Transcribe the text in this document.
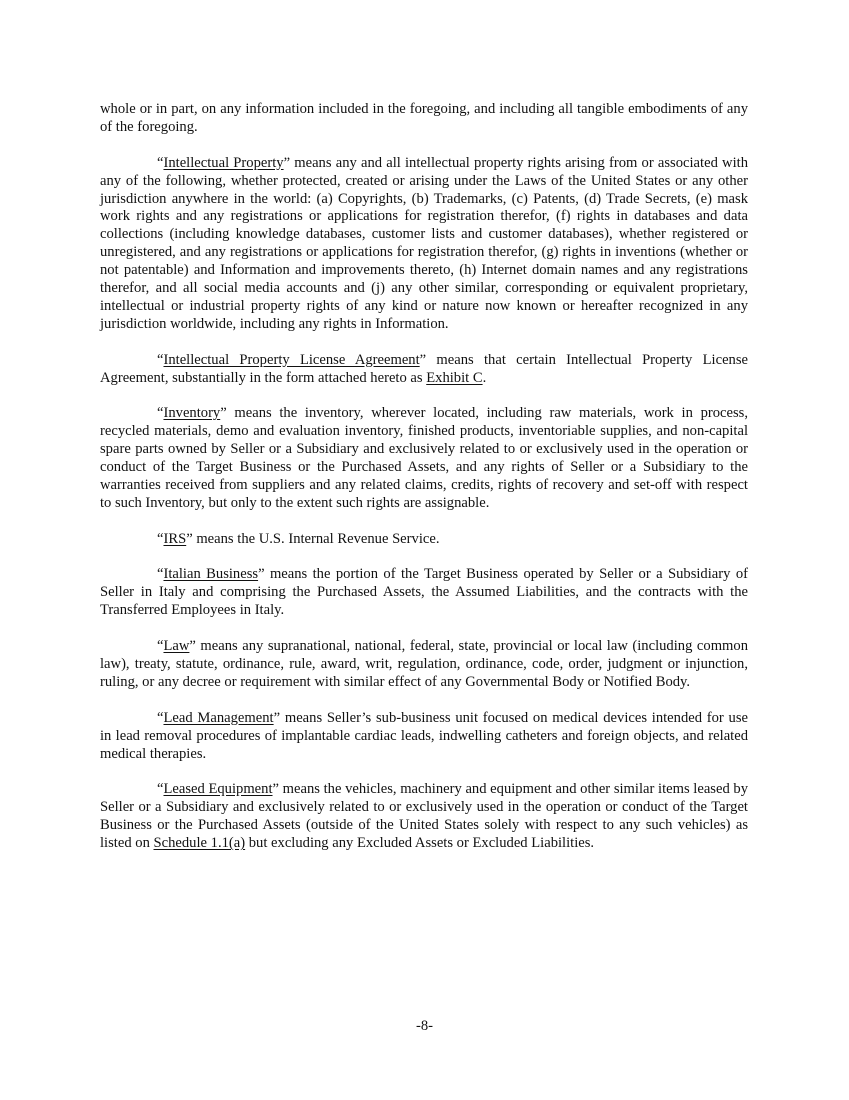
whole or in part, on any information included in the foregoing, and including all tangible embodiments of any of the foregoing.

“Intellectual Property” means any and all intellectual property rights arising from or associated with any of the following, whether protected, created or arising under the Laws of the United States or any other jurisdiction anywhere in the world: (a) Copyrights, (b) Trademarks, (c) Patents, (d) Trade Secrets, (e) mask work rights and any registrations or applications for registration therefor, (f) rights in databases and data collections (including knowledge databases, customer lists and customer databases), whether registered or unregistered, and any registrations or applications for registration therefor, (g) rights in inventions (whether or not patentable) and Information and improvements thereto, (h) Internet domain names and any registrations therefor, and all social media accounts and (j) any other similar, corresponding or equivalent proprietary, intellectual or industrial property rights of any kind or nature now known or hereafter recognized in any jurisdiction worldwide, including any rights in Information.

“Intellectual Property License Agreement” means that certain Intellectual Property License Agreement, substantially in the form attached hereto as Exhibit C.

“Inventory” means the inventory, wherever located, including raw materials, work in process, recycled materials, demo and evaluation inventory, finished products, inventoriable supplies, and non-capital spare parts owned by Seller or a Subsidiary and exclusively related to or exclusively used in the operation or conduct of the Target Business or the Purchased Assets, and any rights of Seller or a Subsidiary to the warranties received from suppliers and any related claims, credits, rights of recovery and set-off with respect to such Inventory, but only to the extent such rights are assignable.

“IRS” means the U.S. Internal Revenue Service.

“Italian Business” means the portion of the Target Business operated by Seller or a Subsidiary of Seller in Italy and comprising the Purchased Assets, the Assumed Liabilities, and the contracts with the Transferred Employees in Italy.

“Law” means any supranational, national, federal, state, provincial or local law (including common law), treaty, statute, ordinance, rule, award, writ, regulation, ordinance, code, order, judgment or injunction, ruling, or any decree or requirement with similar effect of any Governmental Body or Notified Body.

“Lead Management” means Seller’s sub-business unit focused on medical devices intended for use in lead removal procedures of implantable cardiac leads, indwelling catheters and foreign objects, and related medical therapies.

“Leased Equipment” means the vehicles, machinery and equipment and other similar items leased by Seller or a Subsidiary and exclusively related to or exclusively used in the operation or conduct of the Target Business or the Purchased Assets (outside of the United States solely with respect to any such vehicles) as listed on Schedule 1.1(a) but excluding any Excluded Assets or Excluded Liabilities.

-8-
